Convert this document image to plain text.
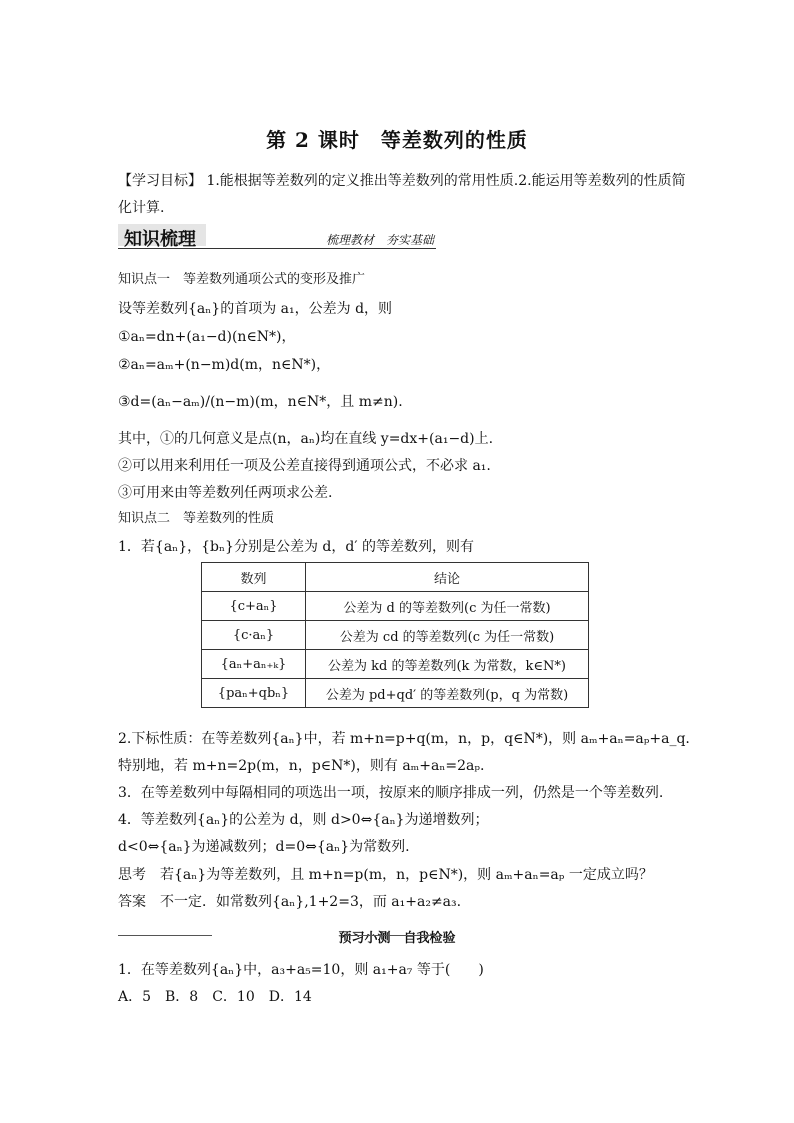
第 2 课时　等差数列的性质
【学习目标】 1.能根据等差数列的定义推出等差数列的常用性质.2.能运用等差数列的性质简
化计算.
知识梳理	梳理教材　夯实基础
知识点一　等差数列通项公式的变形及推广
设等差数列{aₙ}的首项为 a₁，公差为 d，则
①aₙ=dn+(a₁−d)(n∈N*)，
②aₙ=aₘ+(n−m)d(m，n∈N*)，
③d=(aₙ−aₘ)/(n−m)(m，n∈N*，且 m≠n).
其中，①的几何意义是点(n，aₙ)均在直线 y=dx+(a₁−d)上.
②可以用来利用任一项及公差直接得到通项公式，不必求 a₁.
③可用来由等差数列任两项求公差.
知识点二　等差数列的性质
1．若{aₙ}，{bₙ}分别是公差为 d，d′ 的等差数列，则有
数列	结论
{c+aₙ}	公差为 d 的等差数列(c 为任一常数)
{c·aₙ}	公差为 cd 的等差数列(c 为任一常数)
{aₙ+aₙ₊ₖ}	公差为 kd 的等差数列(k 为常数，k∈N*)
{paₙ+qbₙ}	公差为 pd+qd′ 的等差数列(p，q 为常数)
2.下标性质：在等差数列{aₙ}中，若 m+n=p+q(m，n，p，q∈N*)，则 aₘ+aₙ=aₚ+a_q.
特别地，若 m+n=2p(m，n，p∈N*)，则有 aₘ+aₙ=2aₚ.
3．在等差数列中每隔相同的项选出一项，按原来的顺序排成一列，仍然是一个等差数列.
4．等差数列{aₙ}的公差为 d，则 d>0⇔{aₙ}为递增数列；
d<0⇔{aₙ}为递减数列；d=0⇔{aₙ}为常数列.
思考　若{aₙ}为等差数列，且 m+n=p(m，n，p∈N*)，则 aₘ+aₙ=aₚ 一定成立吗？
答案　不一定．如常数列{aₙ},1+2=3，而 a₁+a₂≠a₃.
预习小测　自我检验
1．在等差数列{aₙ}中，a₃+a₅=10，则 a₁+a₇ 等于(　　)
A．5　B．8　C．10　D．14
